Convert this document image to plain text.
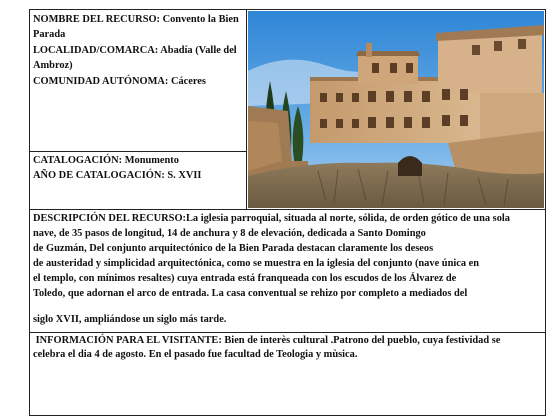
NOMBRE DEL RECURSO: Convento la Bien
Parada
LOCALIDAD/COMARCA: Abadía (Valle del
Ambroz)
COMUNIDAD AUTÓNOMA: Cáceres
CATALOGACIÓN: Monumento
AÑO DE CATALOGACIÓN: S. XVII
DESCRIPCIÓN DEL RECURSO:La iglesia parroquial, situada al norte, sólida, de orden gótico de una sola
nave, de 35 pasos de longitud, 14 de anchura y 8 de elevación, dedicada a Santo Domingo
de Guzmán, Del conjunto arquitectónico de la Bien Parada destacan claramente los deseos
de austeridad y simplicidad arquitectónica, como se muestra en la iglesia del conjunto (nave única en
el templo, con mínimos resaltes) cuya entrada está franqueada con los escudos de los Álvarez de
Toledo, que adornan el arco de entrada. La casa conventual se rehizo por completo a mediados del
siglo XVII, ampliándose un siglo más tarde.
INFORMACIÓN PARA EL VISITANTE: Bien de interès cultural .Patrono del pueblo, cuya festividad se
celebra el dia 4 de agosto. En el pasado fue facultad de Teologia y mùsica.
